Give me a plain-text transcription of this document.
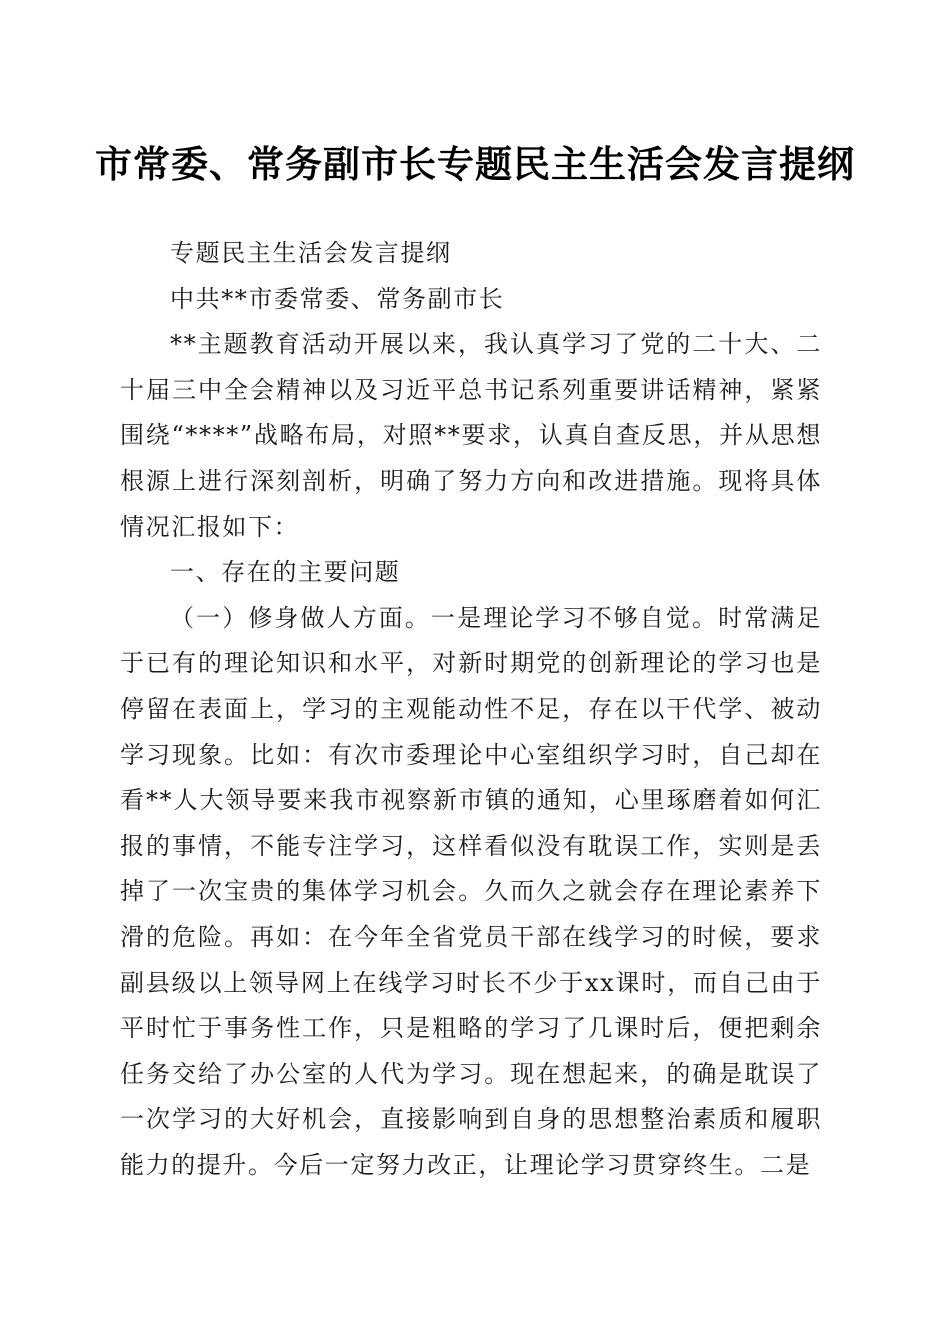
市常委、常务副市长专题民主生活会发言提纲

专题民主生活会发言提纲

中共**市委常委、常务副市长

**主题教育活动开展以来，我认真学习了党的二十大、二十届三中全会精神以及习近平总书记系列重要讲话精神，紧紧围绕“****”战略布局，对照**要求，认真自查反思，并从思想根源上进行深刻剖析，明确了努力方向和改进措施。现将具体情况汇报如下：

一、存在的主要问题

（一）修身做人方面。一是理论学习不够自觉。时常满足于已有的理论知识和水平，对新时期党的创新理论的学习也是停留在表面上，学习的主观能动性不足，存在以干代学、被动学习现象。比如：有次市委理论中心室组织学习时，自己却在看**人大领导要来我市视察新市镇的通知，心里琢磨着如何汇报的事情，不能专注学习，这样看似没有耽误工作，实则是丢掉了一次宝贵的集体学习机会。久而久之就会存在理论素养下滑的危险。再如：在今年全省党员干部在线学习的时候，要求副县级以上领导网上在线学习时长不少于xx课时，而自己由于平时忙于事务性工作，只是粗略的学习了几课时后，便把剩余任务交给了办公室的人代为学习。现在想起来，的确是耽误了一次学习的大好机会，直接影响到自身的思想整治素质和履职能力的提升。今后一定努力改正，让理论学习贯穿终生。二是
